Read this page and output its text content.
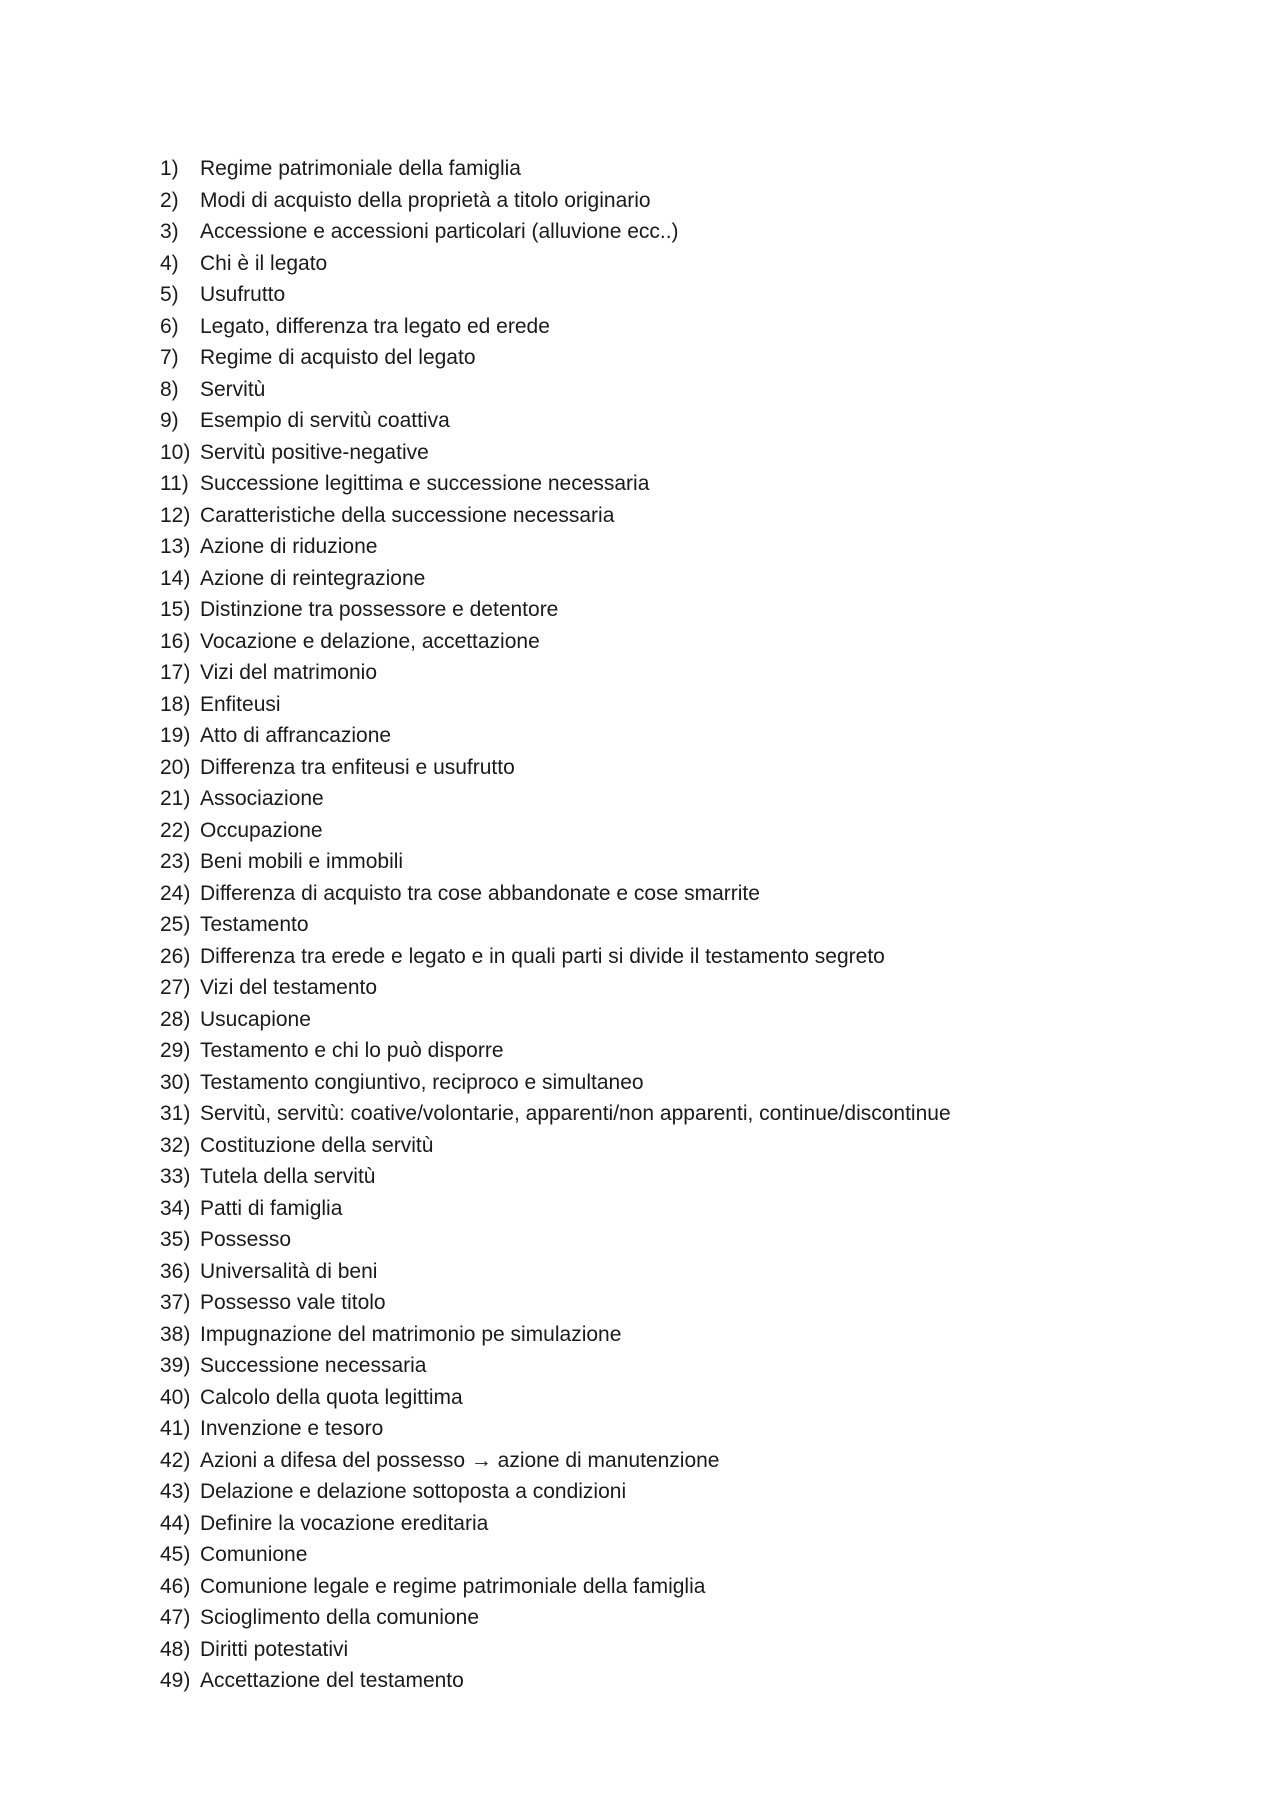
1)	Regime patrimoniale della famiglia
2)	Modi di acquisto della proprietà a titolo originario
3)	Accessione e accessioni particolari (alluvione ecc..)
4)	Chi è il legato
5)	Usufrutto
6)	Legato, differenza tra legato ed erede
7)	Regime di acquisto del legato
8)	Servitù
9)	Esempio di servitù coattiva
10) Servitù positive-negative
11) Successione legittima e successione necessaria
12) Caratteristiche della successione necessaria
13) Azione di riduzione
14) Azione di reintegrazione
15) Distinzione tra possessore e detentore
16) Vocazione e delazione, accettazione
17) Vizi del matrimonio
18) Enfiteusi
19) Atto di affrancazione
20) Differenza tra enfiteusi e usufrutto
21) Associazione
22) Occupazione
23) Beni mobili e immobili
24) Differenza di acquisto tra cose abbandonate e cose smarrite
25) Testamento
26) Differenza tra erede e legato e in quali parti si divide il testamento segreto
27) Vizi del testamento
28) Usucapione
29) Testamento e chi lo può disporre
30) Testamento congiuntivo, reciproco e simultaneo
31) Servitù, servitù: coative/volontarie, apparenti/non apparenti, continue/discontinue
32) Costituzione della servitù
33) Tutela della servitù
34) Patti di famiglia
35) Possesso
36) Universalità di beni
37) Possesso vale titolo
38) Impugnazione del matrimonio pe simulazione
39) Successione necessaria
40) Calcolo della quota legittima
41) Invenzione e tesoro
42) Azioni a difesa del possesso → azione di manutenzione
43) Delazione e delazione sottoposta a condizioni
44) Definire la vocazione ereditaria
45) Comunione
46) Comunione legale e regime patrimoniale della famiglia
47) Scioglimento della comunione
48) Diritti potestativi
49) Accettazione del testamento
